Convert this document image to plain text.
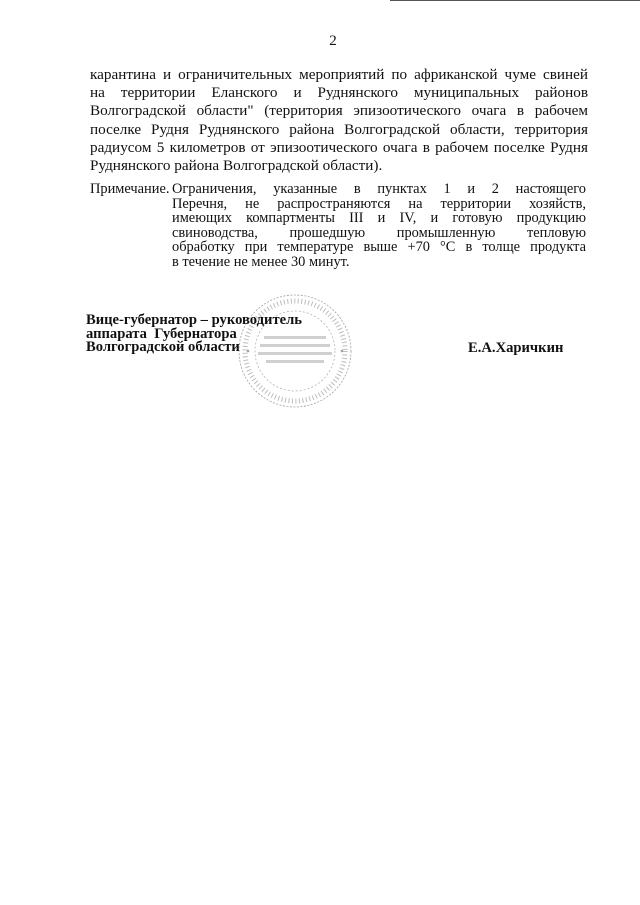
2
карантина и ограничительных мероприятий по африканской чуме свиней
на территории Еланского и Руднянского муниципальных районов
Волгоградской области" (территория эпизоотического очага в рабочем
поселке Рудня Руднянского района Волгоградской области, территория
радиусом 5 километров от эпизоотического очага в рабочем поселке Рудня
Руднянского района Волгоградской области).
Примечание. Ограничения, указанные в пунктах 1 и 2 настоящего
Перечня, не распространяются на территории хозяйств,
имеющих компартменты III и IV, и готовую продукцию
свиноводства, прошедшую промышленную тепловую
обработку при температуре выше +70 °С в толще продукта
в течение не менее 30 минут.
Вице-губернатор – руководитель
аппарата  Губернатора
Волгоградской области	Е.А.Харичкин
